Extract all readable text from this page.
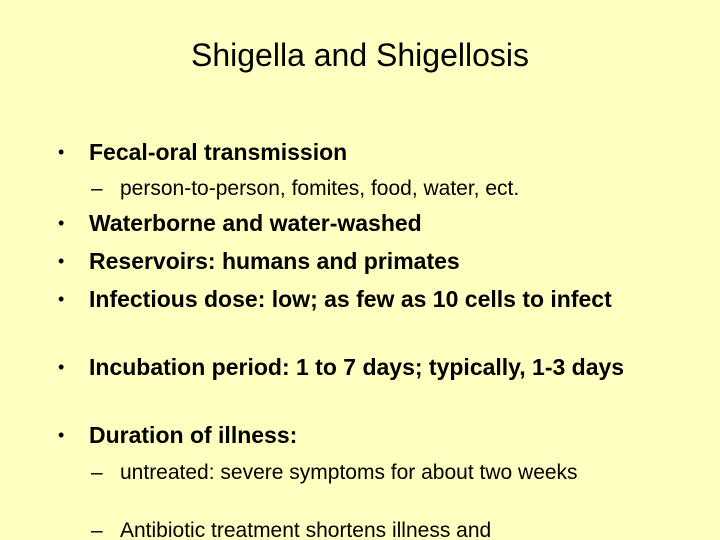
Shigella and Shigellosis
• Fecal-oral transmission
– person-to-person, fomites, food, water, ect.
• Waterborne and water-washed
• Reservoirs: humans and primates
• Infectious dose: low; as few as 10 cells to infect
• Incubation period: 1 to 7 days; typically, 1-3 days
• Duration of illness:
– untreated: severe symptoms for about two weeks
– Antibiotic treatment shortens illness and
